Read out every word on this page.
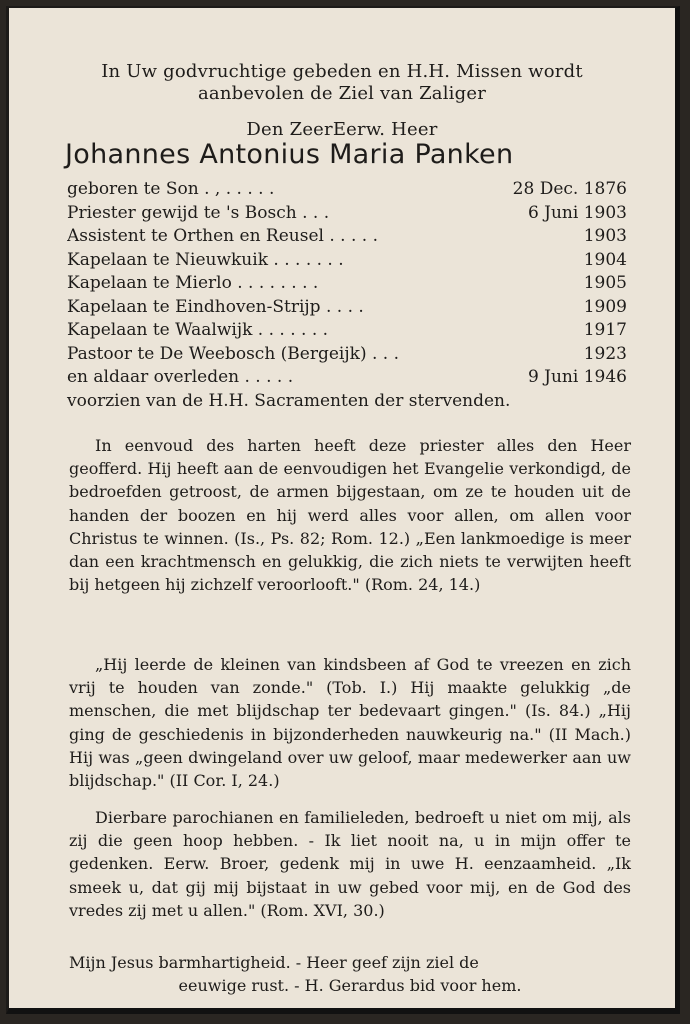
In Uw godvruchtige gebeden en H.H. Missen wordt
aanbevolen de Ziel van Zaliger
Den ZeerEerw. Heer
Johannes Antonius Maria Panken
geboren te Son . , . . . . .	28 Dec. 1876
Priester gewijd te 's Bosch . . .	6 Juni 1903
Assistent te Orthen en Reusel . . . . .	1903
Kapelaan te Nieuwkuik . . . . . . .	1904
Kapelaan te Mierlo . . . . . . . .	1905
Kapelaan te Eindhoven-Strijp . . . .	1909
Kapelaan te Waalwijk . . . . . . .	1917
Pastoor te De Weebosch (Bergeijk) . . .	1923
en aldaar overleden . . . . .	9 Juni 1946
voorzien van de H.H. Sacramenten der stervenden.

In eenvoud des harten heeft deze priester alles den Heer geofferd. Hij heeft aan de eenvoudigen het Evangelie verkondigd, de bedroefden getroost, de armen bijgestaan, om ze te houden uit de handen der boozen en hij werd alles voor allen, om allen voor Christus te winnen. (Is., Ps. 82; Rom. 12.) „Een lankmoedige is meer dan een krachtmensch en gelukkig, die zich niets te verwijten heeft bij hetgeen hij zichzelf veroorlooft." (Rom. 24, 14.)

„Hij leerde de kleinen van kindsbeen af God te vreezen en zich vrij te houden van zonde." (Tob. I.) Hij maakte gelukkig „de menschen, die met blijdschap ter bedevaart gingen." (Is. 84.) „Hij ging de geschiedenis in bijzonderheden nauwkeurig na." (II Mach.) Hij was „geen dwingeland over uw geloof, maar medewerker aan uw blijdschap." (II Cor. I, 24.)

Dierbare parochianen en familieleden, bedroeft u niet om mij, als zij die geen hoop hebben. - Ik liet nooit na, u in mijn offer te gedenken. Eerw. Broer, gedenk mij in uwe H. eenzaamheid. „Ik smeek u, dat gij mij bijstaat in uw gebed voor mij, en de God des vredes zij met u allen." (Rom. XVI, 30.)

Mijn Jesus barmhartigheid. - Heer geef zijn ziel de
eeuwige rust. - H. Gerardus bid voor hem.
